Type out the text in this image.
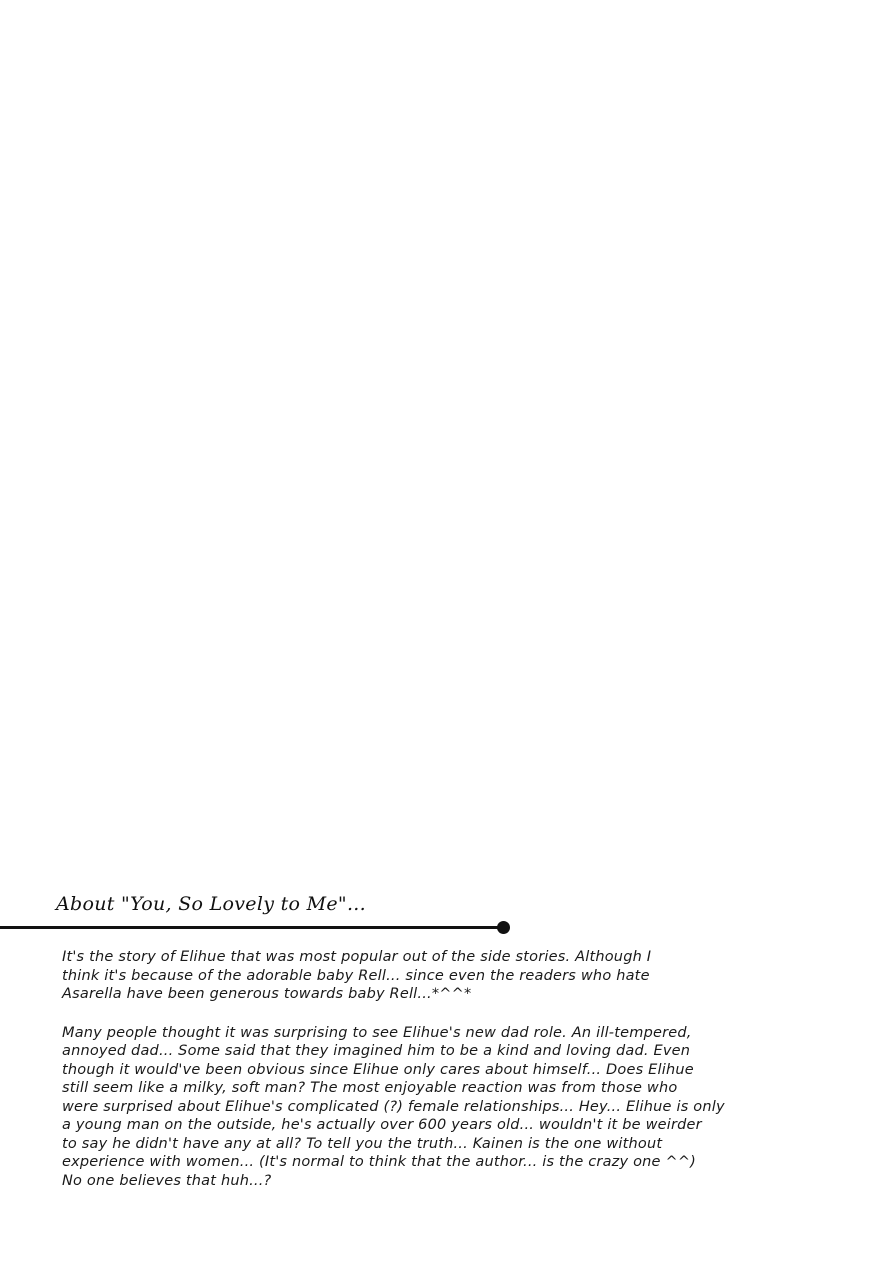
About "You, So Lovely to Me"...

It's the story of Elihue that was most popular out of the side stories. Although I
think it's because of the adorable baby Rell... since even the readers who hate
Asarella have been generous towards baby Rell...*^^*

Many people thought it was surprising to see Elihue's new dad role. An ill-tempered,
annoyed dad... Some said that they imagined him to be a kind and loving dad. Even
though it would've been obvious since Elihue only cares about himself... Does Elihue
still seem like a milky, soft man? The most enjoyable reaction was from those who
were surprised about Elihue's complicated (?) female relationships... Hey... Elihue is only
a young man on the outside, he's actually over 600 years old... wouldn't it be weirder
to say he didn't have any at all? To tell you the truth... Kainen is the one without
experience with women... (It's normal to think that the author... is the crazy one ^^)
No one believes that huh...?
